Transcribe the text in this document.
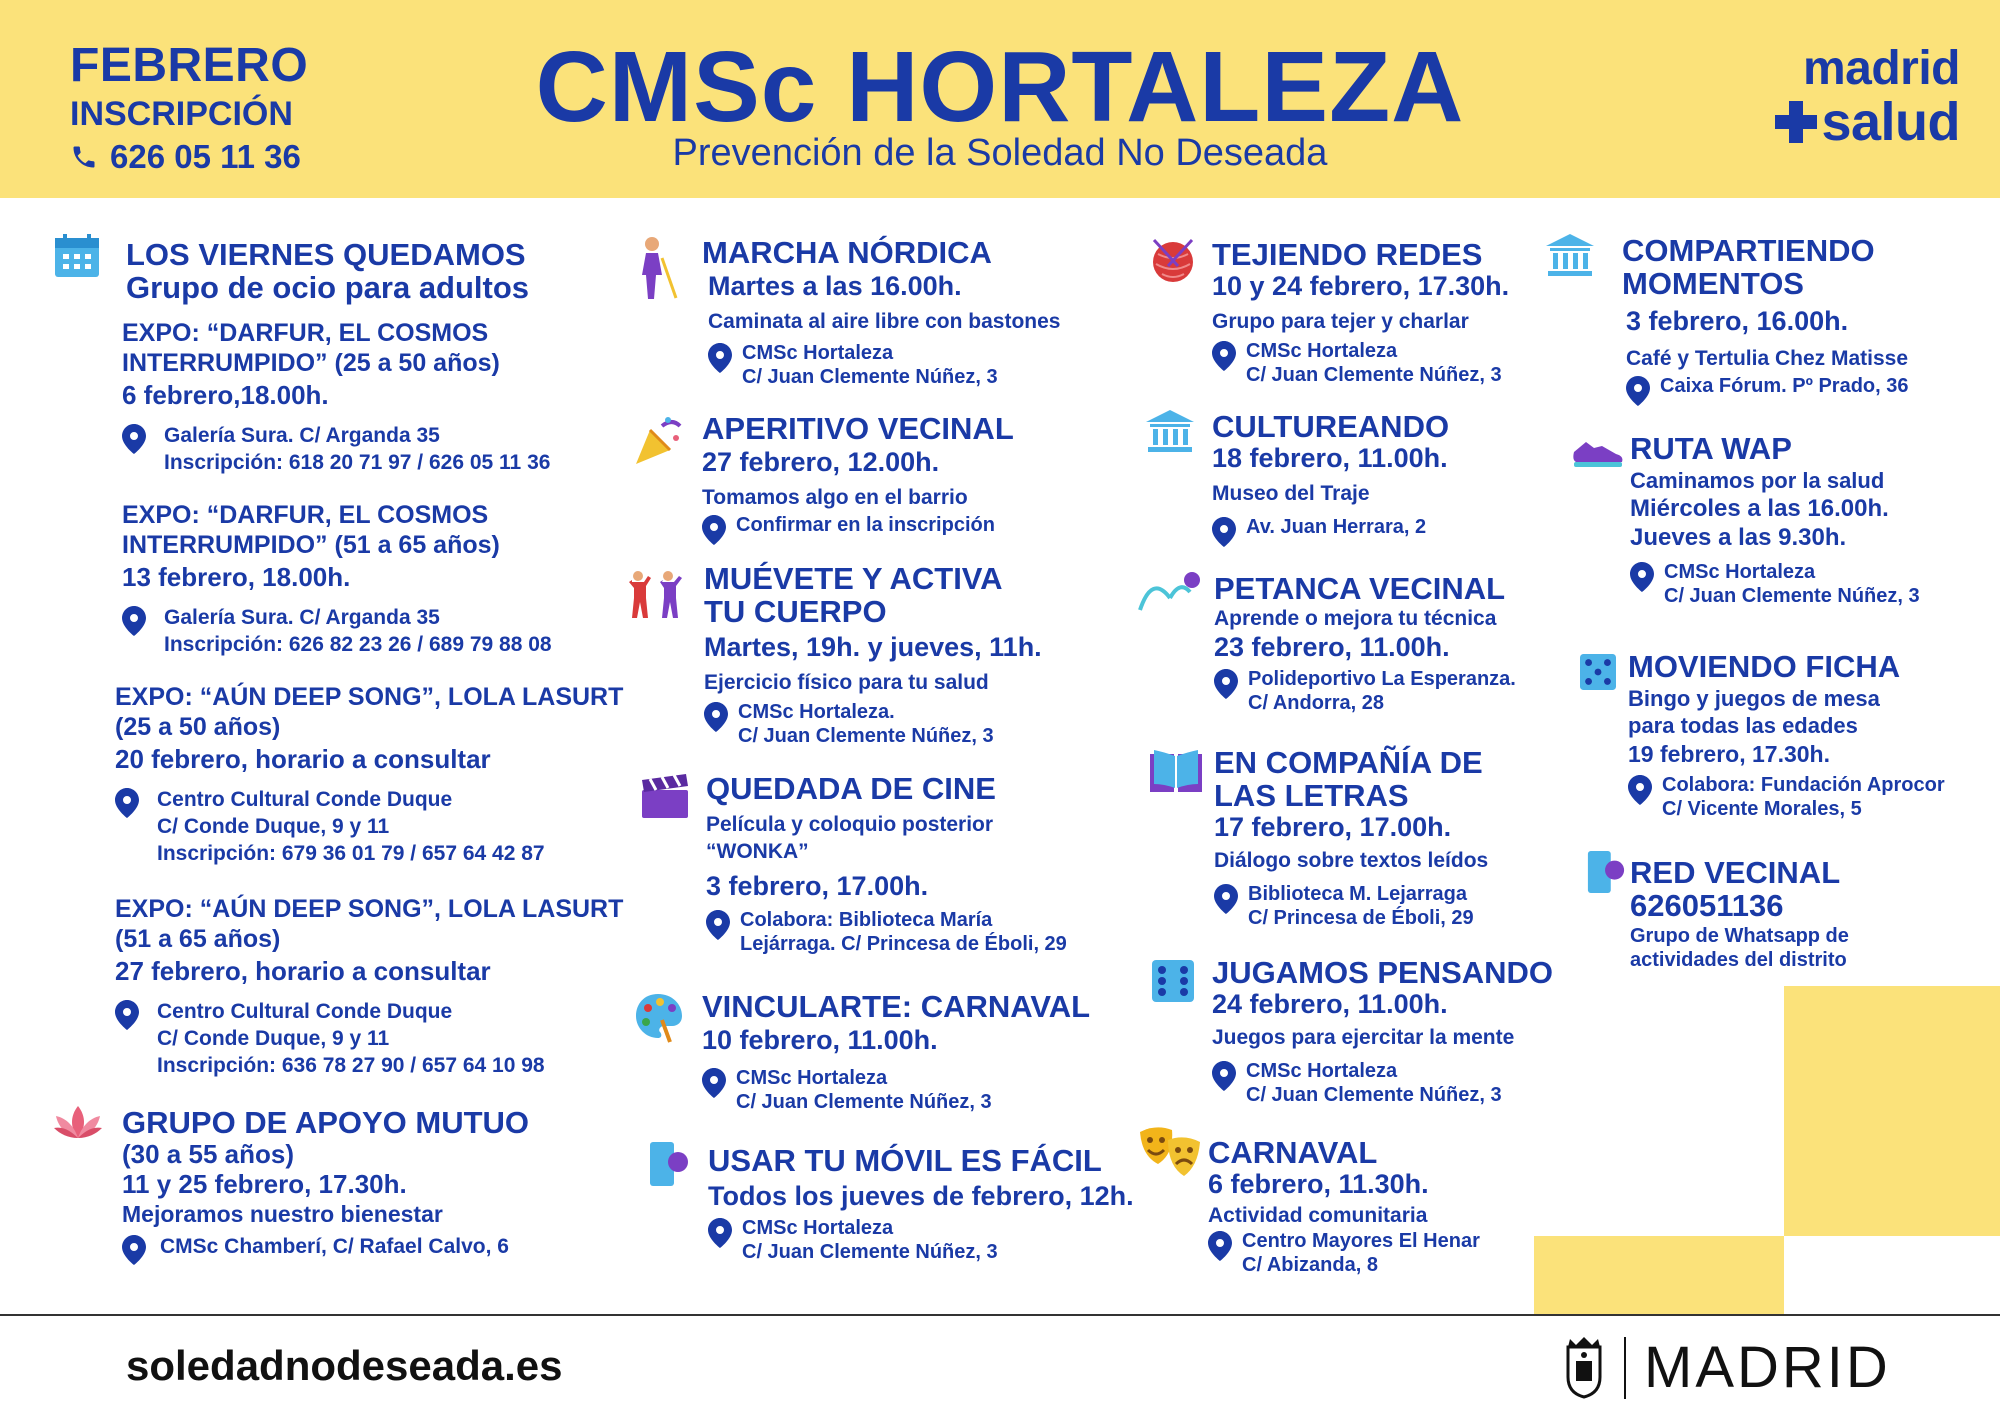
FEBRERO
INSCRIPCIÓN
626 05 11 36
CMSc HORTALEZA
Prevención de la Soledad No Deseada
madrid
salud
LOS VIERNES QUEDAMOS
Grupo de ocio para adultos
EXPO: “DARFUR, EL COSMOS
INTERRUMPIDO” (25 a 50 años)
6 febrero,18.00h.
Galería Sura. C/ Arganda 35
Inscripción: 618 20 71 97 / 626 05 11 36
EXPO: “DARFUR, EL COSMOS
INTERRUMPIDO” (51 a 65 años)
13 febrero, 18.00h.
Galería Sura. C/ Arganda 35
Inscripción: 626 82 23 26 / 689 79 88 08
EXPO: “AÚN DEEP SONG”, LOLA LASURT
(25 a 50 años)
20 febrero, horario a consultar
Centro Cultural Conde Duque
C/ Conde Duque, 9 y 11
Inscripción: 679 36 01 79 / 657 64 42 87
EXPO: “AÚN DEEP SONG”, LOLA LASURT
(51 a 65 años)
27 febrero, horario a consultar
Centro Cultural Conde Duque
C/ Conde Duque, 9 y 11
Inscripción: 636 78 27 90 / 657 64 10 98
GRUPO DE APOYO MUTUO
(30 a 55 años)
11 y 25 febrero, 17.30h.
Mejoramos nuestro bienestar
CMSc Chamberí, C/ Rafael Calvo, 6
MARCHA NÓRDICA
Martes a las 16.00h.
Caminata al aire libre con bastones
CMSc Hortaleza
C/ Juan Clemente Núñez, 3
APERITIVO VECINAL
27 febrero, 12.00h.
Tomamos algo en el barrio
Confirmar en la inscripción
MUÉVETE Y ACTIVA
TU CUERPO
Martes, 19h. y jueves, 11h.
Ejercicio físico para tu salud
CMSc Hortaleza.
C/ Juan Clemente Núñez, 3
QUEDADA DE CINE
Película y coloquio posterior
“WONKA”
3 febrero, 17.00h.
Colabora: Biblioteca María
Lejárraga. C/ Princesa de Éboli, 29
VINCULARTE: CARNAVAL
10 febrero, 11.00h.
CMSc Hortaleza
C/ Juan Clemente Núñez, 3
USAR TU MÓVIL ES FÁCIL
Todos los jueves de febrero, 12h.
CMSc Hortaleza
C/ Juan Clemente Núñez, 3
TEJIENDO REDES
10 y 24 febrero, 17.30h.
Grupo para tejer y charlar
CMSc Hortaleza
C/ Juan Clemente Núñez, 3
CULTUREANDO
18 febrero, 11.00h.
Museo del Traje
Av. Juan Herrara, 2
PETANCA VECINAL
Aprende o mejora tu técnica
23 febrero, 11.00h.
Polideportivo La Esperanza.
C/ Andorra, 28
EN COMPAÑÍA DE
LAS LETRAS
17 febrero, 17.00h.
Diálogo sobre textos leídos
Biblioteca M. Lejarraga
C/ Princesa de Éboli, 29
JUGAMOS PENSANDO
24 febrero, 11.00h.
Juegos para ejercitar la mente
CMSc Hortaleza
C/ Juan Clemente Núñez, 3
CARNAVAL
6 febrero, 11.30h.
Actividad comunitaria
Centro Mayores El Henar
C/ Abizanda, 8
COMPARTIENDO
MOMENTOS
3 febrero, 16.00h.
Café y Tertulia Chez Matisse
Caixa Fórum. Pº Prado, 36
RUTA WAP
Caminamos por la salud
Miércoles a las 16.00h.
Jueves a las 9.30h.
CMSc Hortaleza
C/ Juan Clemente Núñez, 3
MOVIENDO FICHA
Bingo y juegos de mesa
para todas las edades
19 febrero, 17.30h.
Colabora: Fundación Aprocor
C/ Vicente Morales, 5
RED VECINAL 626051136
Grupo de Whatsapp de
actividades del distrito
soledadnodeseada.es	MADRID
